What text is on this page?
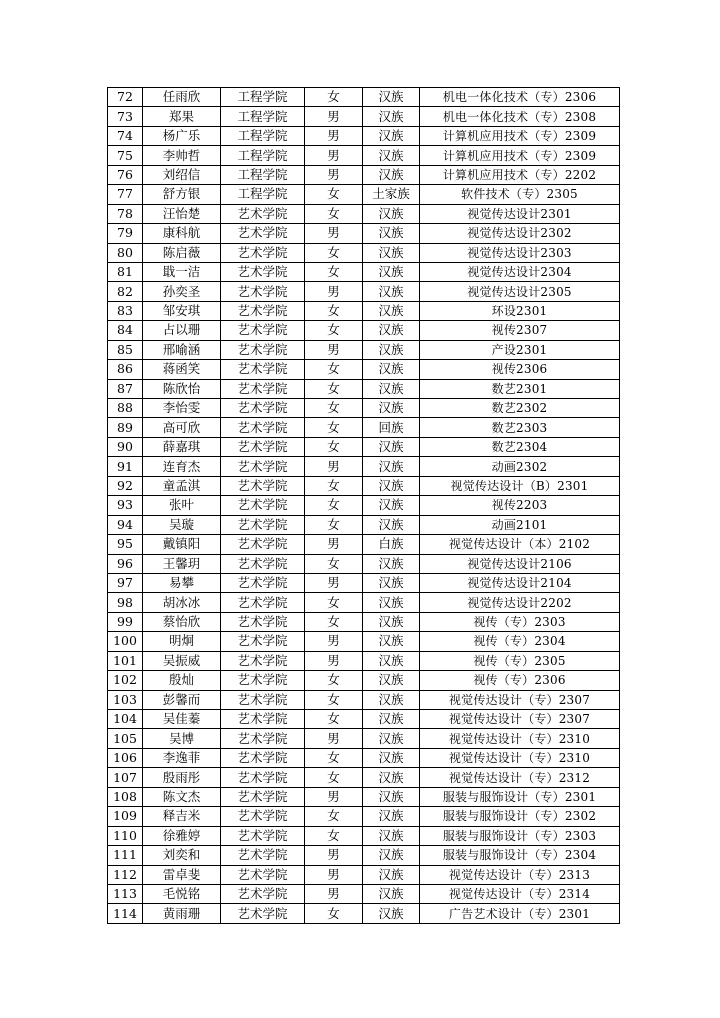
72	任雨欣	工程学院	女	汉族	机电一体化技术（专）2306
73	郑果	工程学院	男	汉族	机电一体化技术（专）2308
74	杨广乐	工程学院	男	汉族	计算机应用技术（专）2309
75	李帅哲	工程学院	男	汉族	计算机应用技术（专）2309
76	刘绍信	工程学院	男	汉族	计算机应用技术（专）2202
77	舒方银	工程学院	女	土家族	软件技术（专）2305
78	汪怡楚	艺术学院	女	汉族	视觉传达设计2301
79	康科航	艺术学院	男	汉族	视觉传达设计2302
80	陈启薇	艺术学院	女	汉族	视觉传达设计2303
81	戢一洁	艺术学院	女	汉族	视觉传达设计2304
82	孙奕圣	艺术学院	男	汉族	视觉传达设计2305
83	邹安琪	艺术学院	女	汉族	环设2301
84	占以珊	艺术学院	女	汉族	视传2307
85	邢喻涵	艺术学院	男	汉族	产设2301
86	蒋函笑	艺术学院	女	汉族	视传2306
87	陈欣怡	艺术学院	女	汉族	数艺2301
88	李怡雯	艺术学院	女	汉族	数艺2302
89	高可欣	艺术学院	女	回族	数艺2303
90	薛嘉琪	艺术学院	女	汉族	数艺2304
91	连育杰	艺术学院	男	汉族	动画2302
92	童孟淇	艺术学院	女	汉族	视觉传达设计（B）2301
93	张叶	艺术学院	女	汉族	视传2203
94	吴璇	艺术学院	女	汉族	动画2101
95	戴镇阳	艺术学院	男	白族	视觉传达设计（本）2102
96	王馨玥	艺术学院	女	汉族	视觉传达设计2106
97	易攀	艺术学院	男	汉族	视觉传达设计2104
98	胡冰冰	艺术学院	女	汉族	视觉传达设计2202
99	蔡怡欣	艺术学院	女	汉族	视传（专）2303
100	明炯	艺术学院	男	汉族	视传（专）2304
101	吴振威	艺术学院	男	汉族	视传（专）2305
102	殷灿	艺术学院	女	汉族	视传（专）2306
103	彭馨而	艺术学院	女	汉族	视觉传达设计（专）2307
104	吴佳蓁	艺术学院	女	汉族	视觉传达设计（专）2307
105	吴博	艺术学院	男	汉族	视觉传达设计（专）2310
106	李逸菲	艺术学院	女	汉族	视觉传达设计（专）2310
107	殷雨彤	艺术学院	女	汉族	视觉传达设计（专）2312
108	陈文杰	艺术学院	男	汉族	服装与服饰设计（专）2301
109	释吉米	艺术学院	女	汉族	服装与服饰设计（专）2302
110	徐雅婷	艺术学院	女	汉族	服装与服饰设计（专）2303
111	刘奕和	艺术学院	男	汉族	服装与服饰设计（专）2304
112	雷卓斐	艺术学院	男	汉族	视觉传达设计（专）2313
113	毛悦铭	艺术学院	男	汉族	视觉传达设计（专）2314
114	黄雨珊	艺术学院	女	汉族	广告艺术设计（专）2301
